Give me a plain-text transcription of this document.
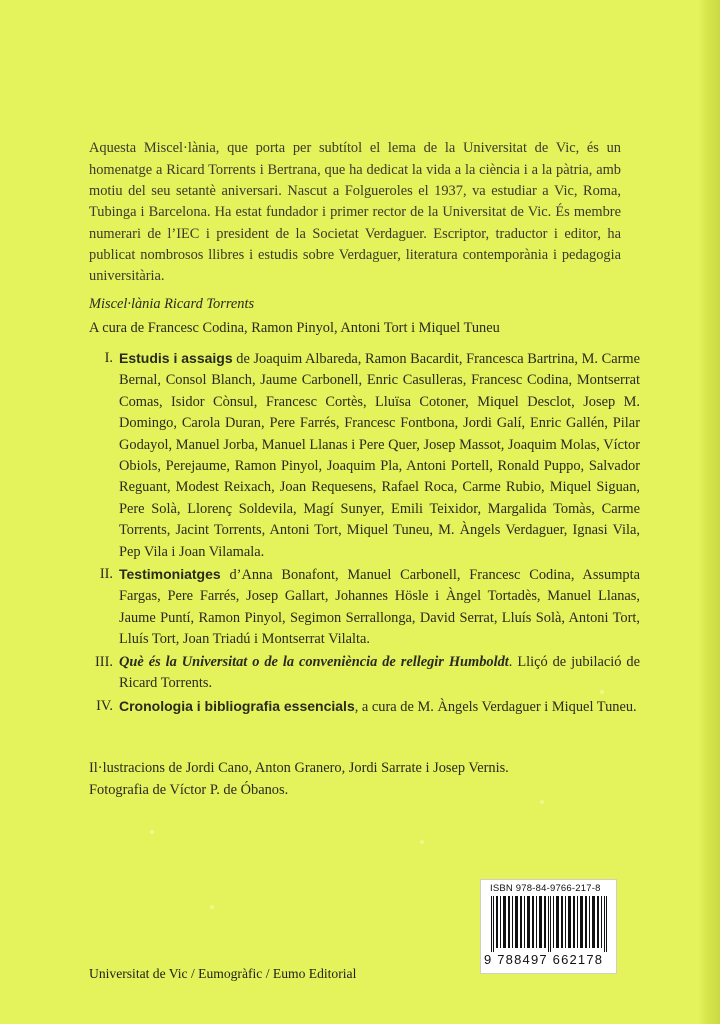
Aquesta Miscel·lània, que porta per subtítol el lema de la Universitat de Vic, és un homenatge a Ricard Torrents i Bertrana, que ha dedicat la vida a la ciència i a la pàtria, amb motiu del seu setantè aniversari. Nascut a Folgueroles el 1937, va estudiar a Vic, Roma, Tubinga i Barcelona. Ha estat fundador i primer rector de la Universitat de Vic. És membre numerari de l’IEC i president de la Societat Verdaguer. Escriptor, traductor i editor, ha publicat nombrosos llibres i estudis sobre Verdaguer, literatura contemporània i pedagogia universitària.

Miscel·lània Ricard Torrents
A cura de Francesc Codina, Ramon Pinyol, Antoni Tort i Miquel Tuneu
I. Estudis i assaigs de Joaquim Albareda, Ramon Bacardit, Francesca Bartrina, M. Carme Bernal, Consol Blanch, Jaume Carbonell, Enric Casulleras, Francesc Codina, Montserrat Comas, Isidor Cònsul, Francesc Cortès, Lluïsa Cotoner, Miquel Desclot, Josep M. Domingo, Carola Duran, Pere Farrés, Francesc Fontbona, Jordi Galí, Enric Gallén, Pilar Godayol, Manuel Jorba, Manuel Llanas i Pere Quer, Josep Massot, Joaquim Molas, Víctor Obiols, Perejaume, Ramon Pinyol, Joaquim Pla, Antoni Portell, Ronald Puppo, Salvador Reguant, Modest Reixach, Joan Requesens, Rafael Roca, Carme Rubio, Miquel Siguan, Pere Solà, Llorenç Soldevila, Magí Sunyer, Emili Teixidor, Margalida Tomàs, Carme Torrents, Jacint Torrents, Antoni Tort, Miquel Tuneu, M. Àngels Verdaguer, Ignasi Vila, Pep Vila i Joan Vilamala.
II. Testimoniatges d’Anna Bonafont, Manuel Carbonell, Francesc Codina, Assumpta Fargas, Pere Farrés, Josep Gallart, Johannes Hösle i Àngel Tortadès, Manuel Llanas, Jaume Puntí, Ramon Pinyol, Segimon Serrallonga, David Serrat, Lluís Solà, Antoni Tort, Lluís Tort, Joan Triadú i Montserrat Vilalta.
III. Què és la Universitat o de la conveniència de rellegir Humboldt. Lliçó de jubilació de Ricard Torrents.
IV. Cronologia i bibliografia essencials, a cura de M. Àngels Verdaguer i Miquel Tuneu.
Il·lustracions de Jordi Cano, Anton Granero, Jordi Sarrate i Josep Vernis.
Fotografia de Víctor P. de Óbanos.
Universitat de Vic / Eumogràfic / Eumo Editorial
ISBN 978-84-9766-217-8
9 788497 662178
